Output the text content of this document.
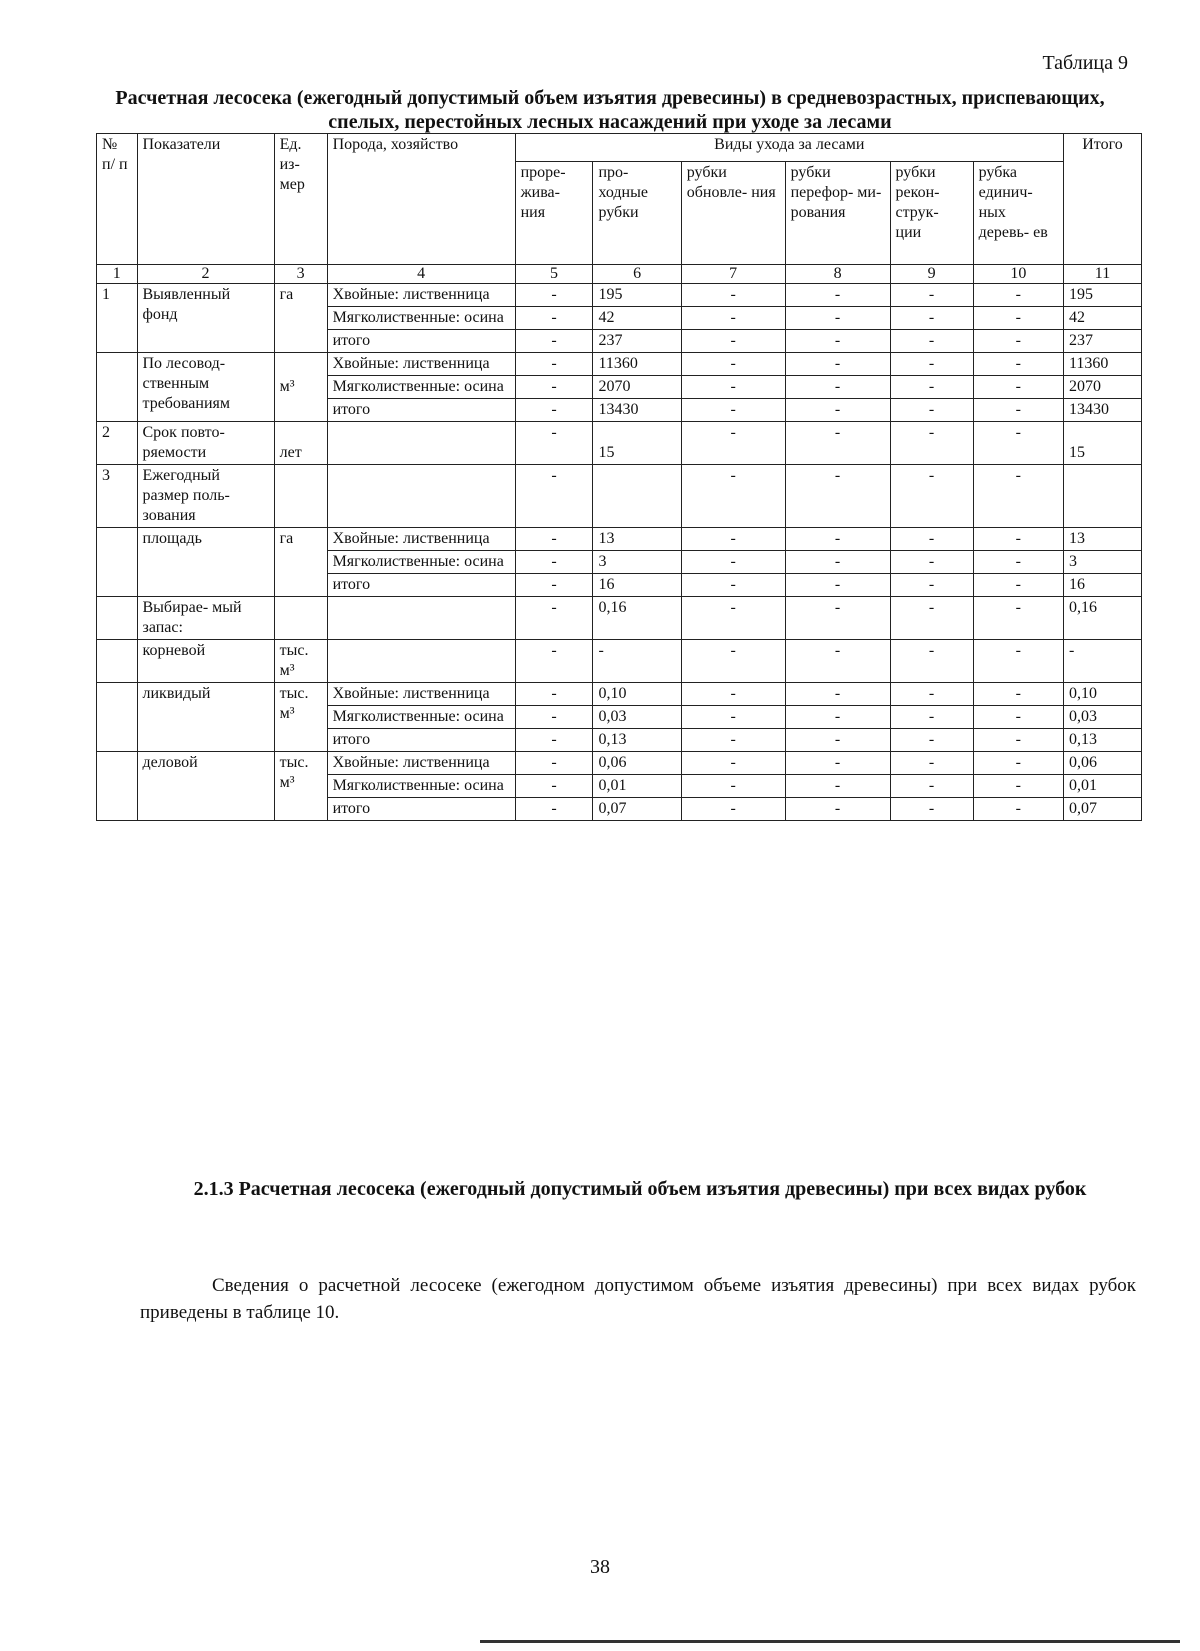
Таблица 9
Расчетная лесосека (ежегодный допустимый объем изъятия древесины) в средневозрастных, приспевающих, спелых, перестойных лесных насаждений при уходе за лесами
№ п/ п	Показатели	Ед. из- мер	Порода, хозяйство	Виды ухода за лесами						Итого
				проре- жива- ния	про- ходные рубки	рубки обновле- ния	рубки перефор- ми- рования	рубки рекон- струк- ции	рубка единич- ных деревь- ев	
1	2	3	4	5	6	7	8	9	10	11
1	Выявленный фонд	га	Хвойные: лиственница	-	195	-	-	-	-	195
			Мягколиственные: осина	-	42	-	-	-	-	42
			итого	-	237	-	-	-	-	237
	По лесовод- ственным требованиям	м³	Хвойные: лиственница	-	11360	-	-	-	-	11360
			Мягколиственные: осина	-	2070	-	-	-	-	2070
			итого	-	13430	-	-	-	-	13430
2	Срок повто- ряемости	лет		-	15	-	-	-	-	15
3	Ежегодный размер поль- зования			-		-	-	-	-	
	площадь	га	Хвойные: лиственница	-	13	-	-	-	-	13
			Мягколиственные: осина	-	3	-	-	-	-	3
			итого	-	16	-	-	-	-	16
	Выбирае- мый запас:			-	0,16	-	-	-	-	0,16
	корневой	тыс. м³		-	-	-	-	-	-	-
	ликвидый	тыс. м³	Хвойные: лиственница	-	0,10	-	-	-	-	0,10
			Мягколиственные: осина	-	0,03	-	-	-	-	0,03
			итого	-	0,13	-	-	-	-	0,13
	деловой	тыс. м³	Хвойные: лиственница	-	0,06	-	-	-	-	0,06
			Мягколиственные: осина	-	0,01	-	-	-	-	0,01
			итого	-	0,07	-	-	-	-	0,07
2.1.3 Расчетная лесосека (ежегодный допустимый объем изъятия древесины) при всех видах рубок
Сведения о расчетной лесосеке (ежегодном допустимом объеме изъятия древесины) при всех видах рубок приведены в таблице 10.
38
